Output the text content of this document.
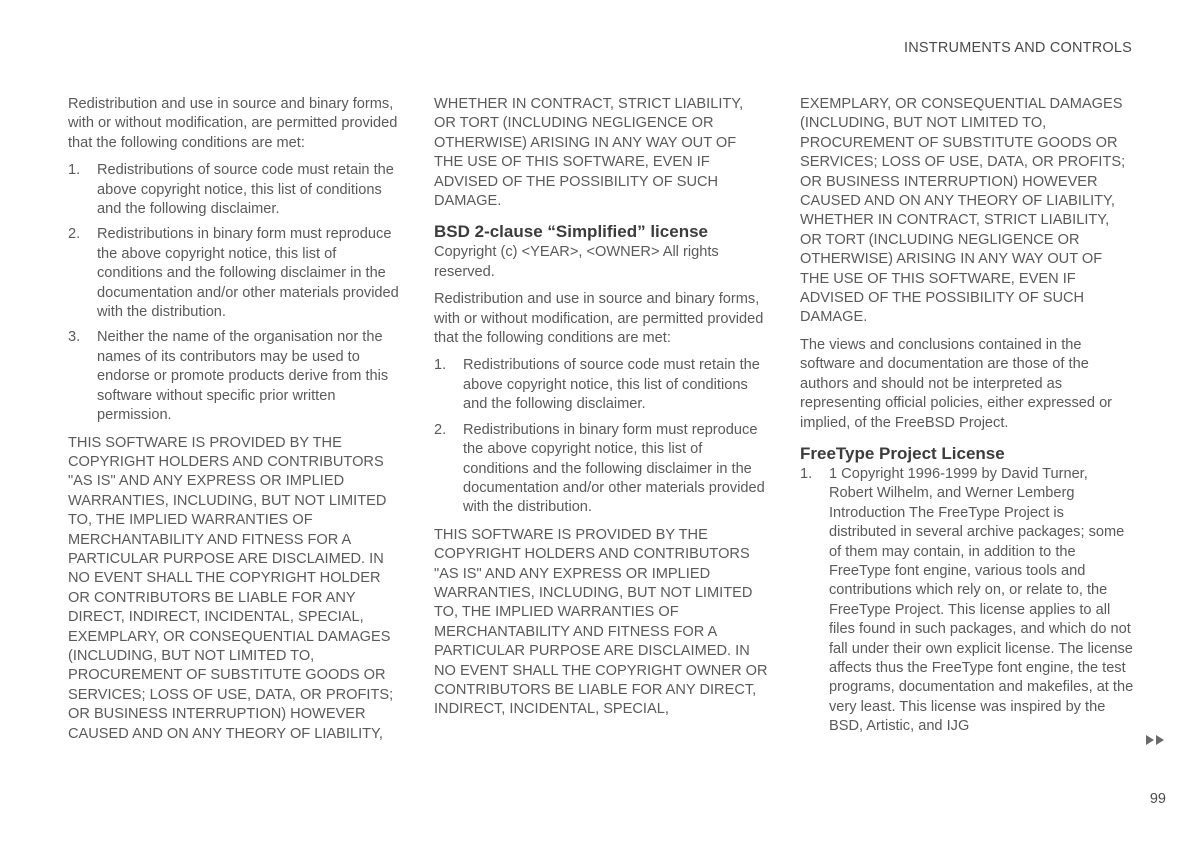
INSTRUMENTS AND CONTROLS

Redistribution and use in source and binary forms, with or without modification, are permitted provided that the following conditions are met:

1. Redistributions of source code must retain the above copyright notice, this list of conditions and the following disclaimer.
2. Redistributions in binary form must reproduce the above copyright notice, this list of conditions and the following disclaimer in the documentation and/or other materials provided with the distribution.
3. Neither the name of the organisation nor the names of its contributors may be used to endorse or promote products derive from this software without specific prior written permission.

THIS SOFTWARE IS PROVIDED BY THE COPYRIGHT HOLDERS AND CONTRIBUTORS "AS IS" AND ANY EXPRESS OR IMPLIED WARRANTIES, INCLUDING, BUT NOT LIMITED TO, THE IMPLIED WARRANTIES OF MERCHANTABILITY AND FITNESS FOR A PARTICULAR PURPOSE ARE DISCLAIMED. IN NO EVENT SHALL THE COPYRIGHT HOLDER OR CONTRIBUTORS BE LIABLE FOR ANY DIRECT, INDIRECT, INCIDENTAL, SPECIAL, EXEMPLARY, OR CONSEQUENTIAL DAMAGES (INCLUDING, BUT NOT LIMITED TO, PROCUREMENT OF SUBSTITUTE GOODS OR SERVICES; LOSS OF USE, DATA, OR PROFITS; OR BUSINESS INTERRUPTION) HOWEVER CAUSED AND ON ANY THEORY OF LIABILITY,

WHETHER IN CONTRACT, STRICT LIABILITY, OR TORT (INCLUDING NEGLIGENCE OR OTHERWISE) ARISING IN ANY WAY OUT OF THE USE OF THIS SOFTWARE, EVEN IF ADVISED OF THE POSSIBILITY OF SUCH DAMAGE.

BSD 2-clause “Simplified” license

Copyright (c) <YEAR>, <OWNER> All rights reserved.

Redistribution and use in source and binary forms, with or without modification, are permitted provided that the following conditions are met:

1. Redistributions of source code must retain the above copyright notice, this list of conditions and the following disclaimer.
2. Redistributions in binary form must reproduce the above copyright notice, this list of conditions and the following disclaimer in the documentation and/or other materials provided with the distribution.

THIS SOFTWARE IS PROVIDED BY THE COPYRIGHT HOLDERS AND CONTRIBUTORS "AS IS" AND ANY EXPRESS OR IMPLIED WARRANTIES, INCLUDING, BUT NOT LIMITED TO, THE IMPLIED WARRANTIES OF MERCHANTABILITY AND FITNESS FOR A PARTICULAR PURPOSE ARE DISCLAIMED. IN NO EVENT SHALL THE COPYRIGHT OWNER OR CONTRIBUTORS BE LIABLE FOR ANY DIRECT, INDIRECT, INCIDENTAL, SPECIAL,

EXEMPLARY, OR CONSEQUENTIAL DAMAGES (INCLUDING, BUT NOT LIMITED TO, PROCUREMENT OF SUBSTITUTE GOODS OR SERVICES; LOSS OF USE, DATA, OR PROFITS; OR BUSINESS INTERRUPTION) HOWEVER CAUSED AND ON ANY THEORY OF LIABILITY, WHETHER IN CONTRACT, STRICT LIABILITY, OR TORT (INCLUDING NEGLIGENCE OR OTHERWISE) ARISING IN ANY WAY OUT OF THE USE OF THIS SOFTWARE, EVEN IF ADVISED OF THE POSSIBILITY OF SUCH DAMAGE.

The views and conclusions contained in the software and documentation are those of the authors and should not be interpreted as representing official policies, either expressed or implied, of the FreeBSD Project.

FreeType Project License
1. 1 Copyright 1996-1999 by David Turner, Robert Wilhelm, and Werner Lemberg Introduction The FreeType Project is distributed in several archive packages; some of them may contain, in addition to the FreeType font engine, various tools and contributions which rely on, or relate to, the FreeType Project. This license applies to all files found in such packages, and which do not fall under their own explicit license. The license affects thus the FreeType font engine, the test programs, documentation and makefiles, at the very least. This license was inspired by the BSD, Artistic, and IJG
99
